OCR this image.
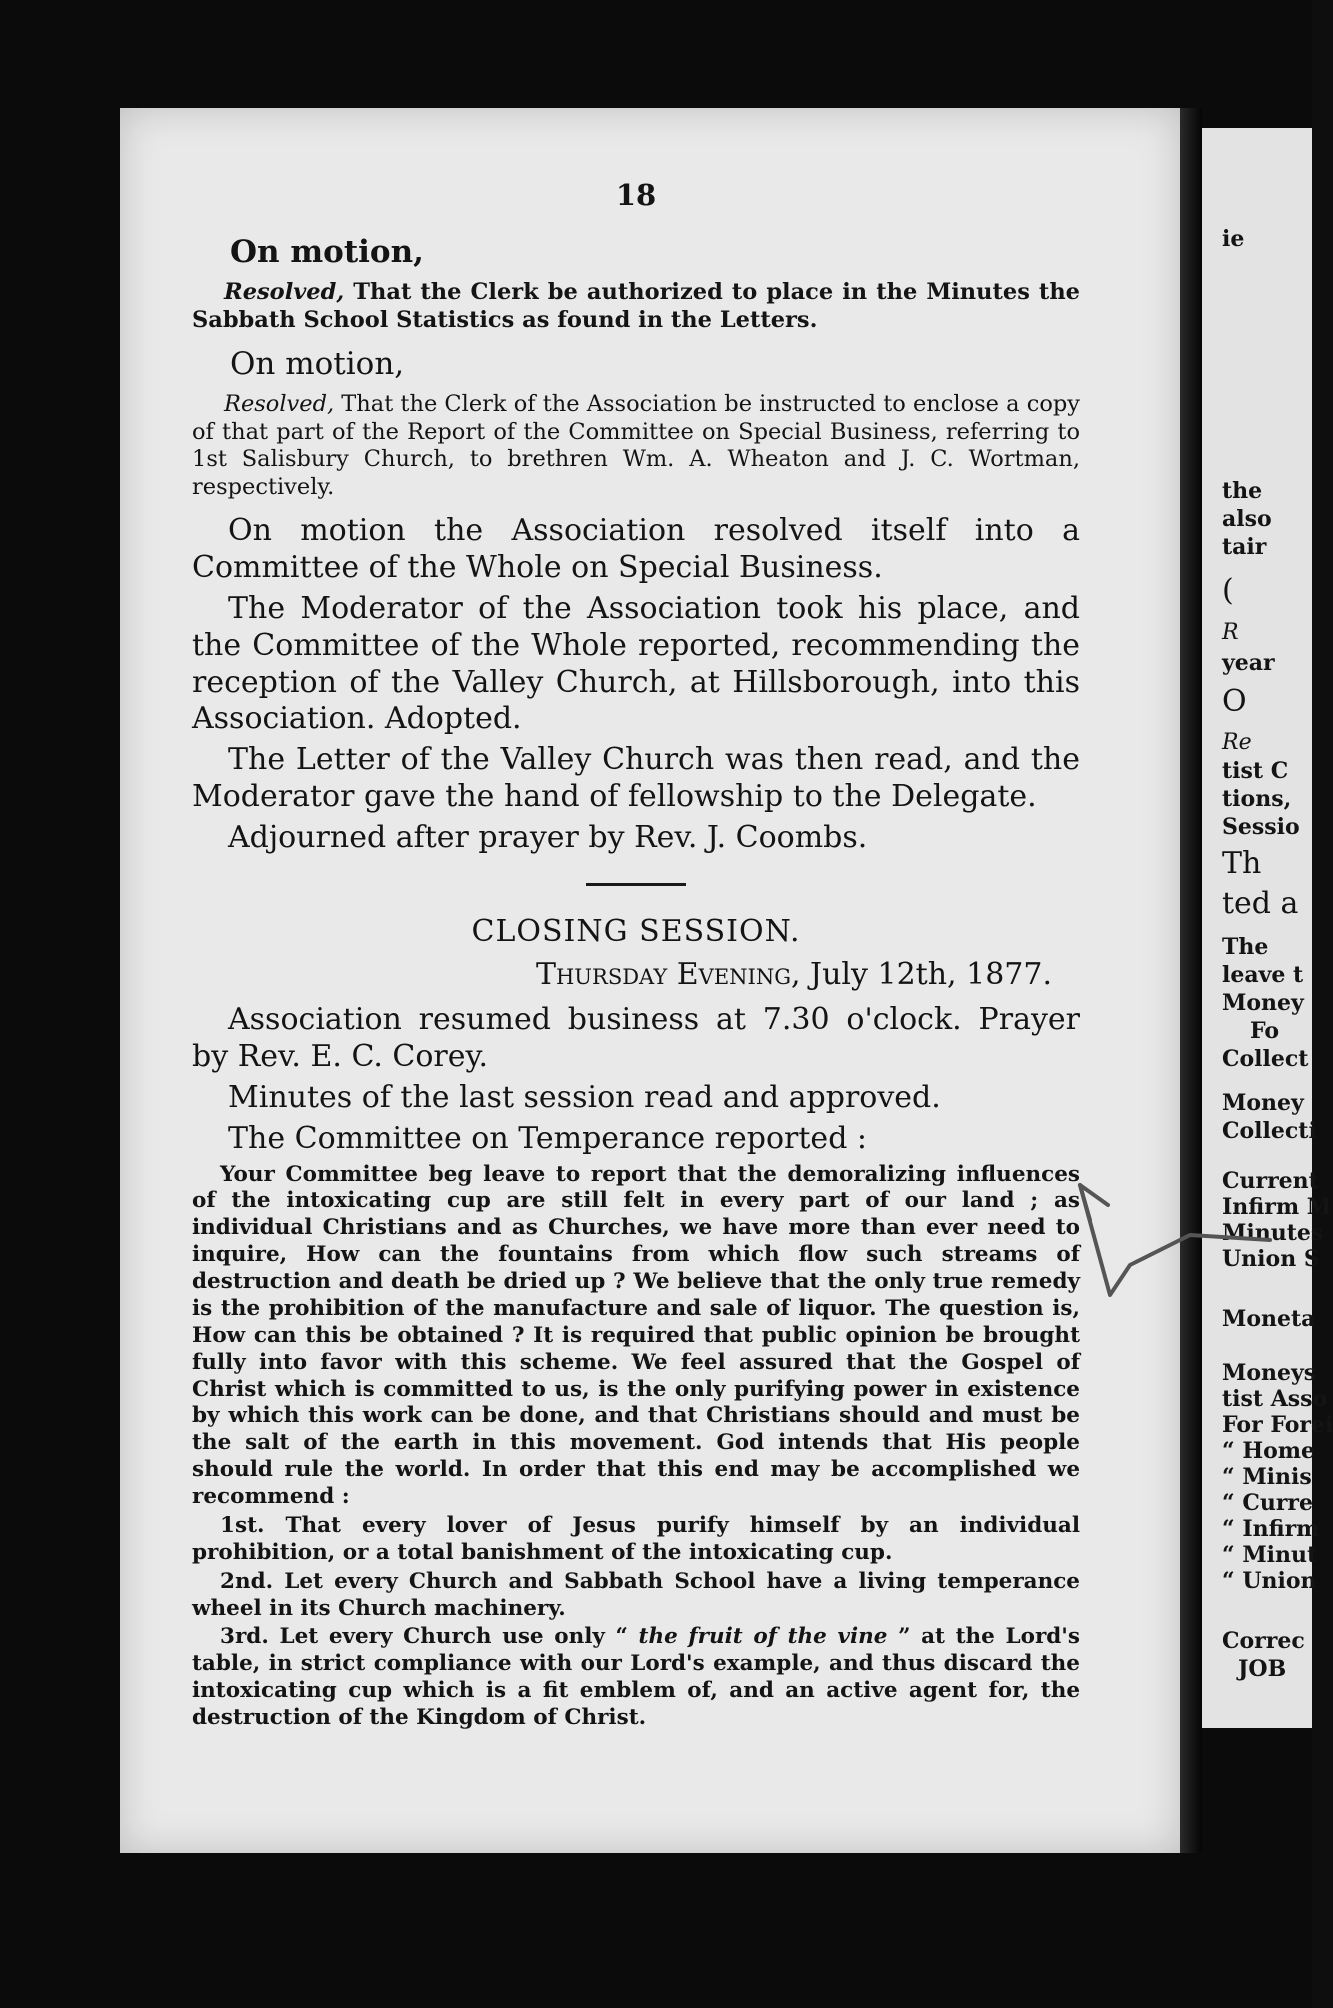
18
On motion,

Resolved, That the Clerk be authorized to place in the Minutes the Sabbath School Statistics as found in the Letters.

On motion,

Resolved, That the Clerk of the Association be instructed to enclose a copy of that part of the Report of the Committee on Special Business, referring to 1st Salisbury Church, to brethren Wm. A. Wheaton and J. C. Wortman, respectively.

On motion the Association resolved itself into a Committee of the Whole on Special Business.

The Moderator of the Association took his place, and the Committee of the Whole reported, recommending the reception of the Valley Church, at Hillsborough, into this Association. Adopted.

The Letter of the Valley Church was then read, and the Moderator gave the hand of fellowship to the Delegate.

Adjourned after prayer by Rev. J. Coombs.

CLOSING SESSION.
Thursday Evening, July 12th, 1877.

Association resumed business at 7.30 o'clock. Prayer by Rev. E. C. Corey.

Minutes of the last session read and approved.

The Committee on Temperance reported :

Your Committee beg leave to report that the demoralizing influences of the intoxicating cup are still felt in every part of our land ; as individual Christians and as Churches, we have more than ever need to inquire, How can the fountains from which flow such streams of destruction and death be dried up ? We believe that the only true remedy is the prohibition of the manufacture and sale of liquor. The question is, How can this be obtained ? It is required that public opinion be brought fully into favor with this scheme. We feel assured that the Gospel of Christ which is committed to us, is the only purifying power in existence by which this work can be done, and that Christians should and must be the salt of the earth in this movement. God intends that His people should rule the world. In order that this end may be accomplished we recommend :

1st. That every lover of Jesus purify himself by an individual prohibition, or a total banishment of the intoxicating cup.

2nd. Let every Church and Sabbath School have a living temperance wheel in its Church machinery.

3rd. Let every Church use only “ the fruit of the vine ” at the Lord's table, in strict compliance with our Lord's example, and thus discard the intoxicating cup which is a fit emblem of, and an active agent for, the destruction of the Kingdom of Christ.

ie
the
also
tair
(
R
year
O
Re
tist C
tions,
Sessio
Th
ted a
The
leave t
Money
Fo
Collect
Money
Collecti
Current
Infirm M
Minutes
Union S
Moneta
Moneys
tist Asso
For Forei
“ Home
“ Minis
“ Curre
“ Infirm
“ Minut
“ Union
Correc
JOB
